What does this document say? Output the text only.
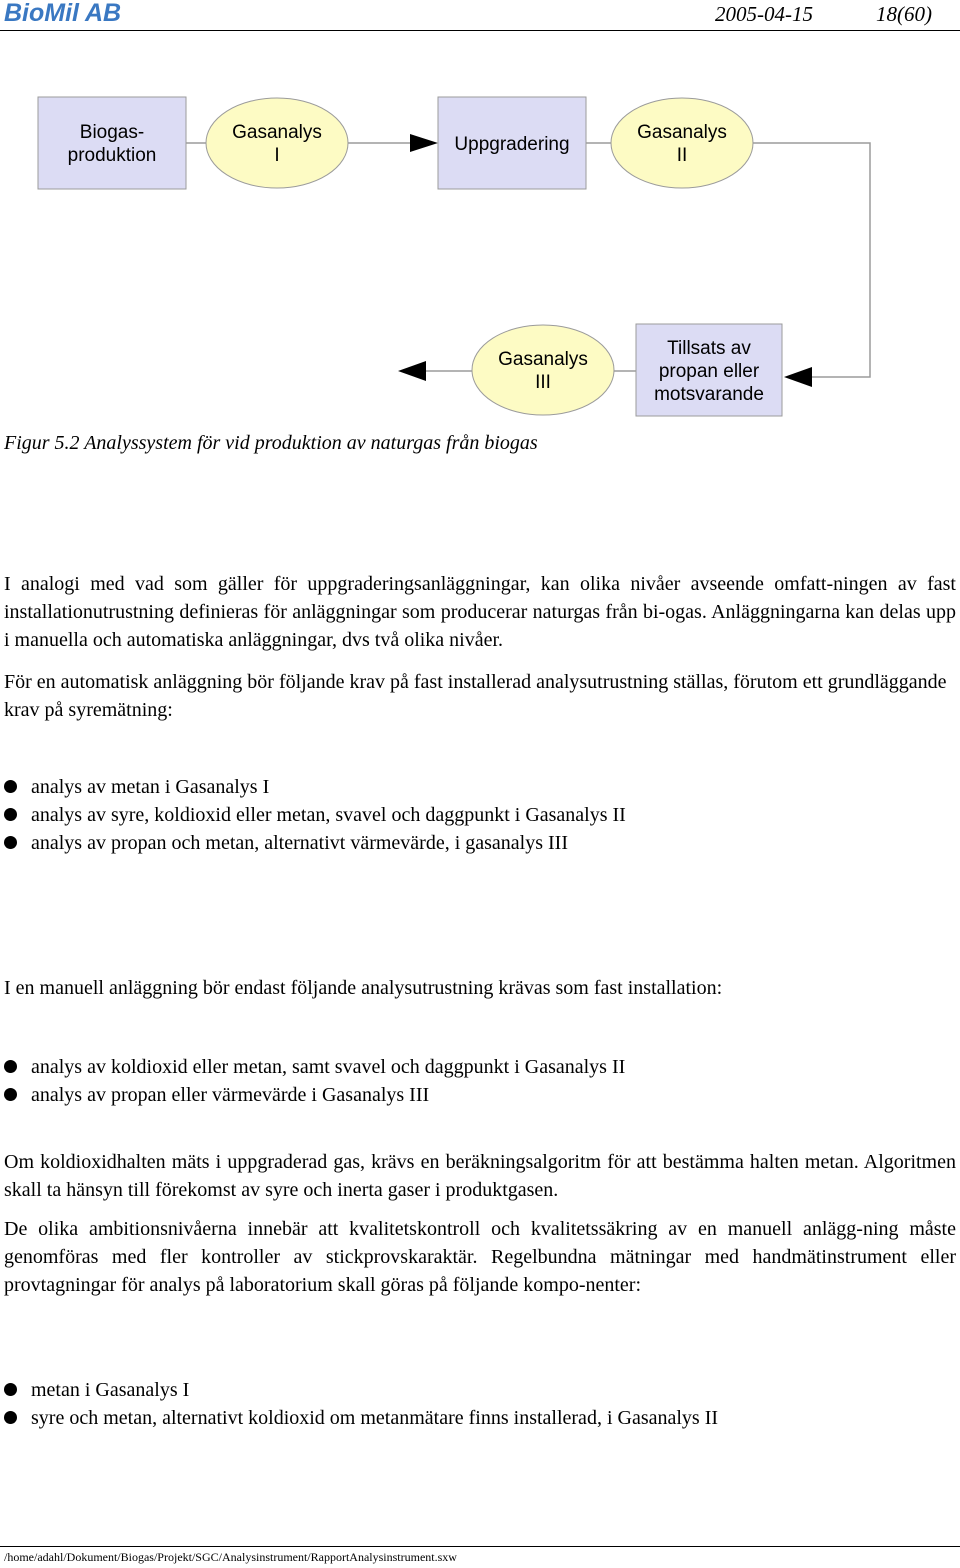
BioMil AB	2005-04-15	18(60)
Biogas-
produktion
Gasanalys
I
Uppgradering
Gasanalys
II
Tillsats av
propan eller
motsvarande
Gasanalys
III
Figur 5.2 Analyssystem för vid produktion av naturgas från biogas

I analogi med vad som gäller för uppgraderingsanläggningar, kan olika nivåer avseende omfatt-ningen av fast installationutrustning definieras för anläggningar som producerar naturgas från bi-ogas. Anläggningarna kan delas upp i manuella och automatiska anläggningar, dvs två olika nivåer.

För en automatisk anläggning bör följande krav på fast installerad analysutrustning ställas, förutom ett grundläggande krav på syremätning:

analys av metan i Gasanalys I
analys av syre, koldioxid eller metan, svavel och daggpunkt i Gasanalys II
analys av propan och metan, alternativt värmevärde, i gasanalys III

I en manuell anläggning bör endast följande analysutrustning krävas som fast installation:

analys av koldioxid eller metan, samt svavel och daggpunkt i Gasanalys II
analys av propan eller värmevärde i Gasanalys III

Om koldioxidhalten mäts i uppgraderad gas, krävs en beräkningsalgoritm för att bestämma halten metan. Algoritmen skall ta hänsyn till förekomst av syre och inerta gaser i produktgasen.

De olika ambitionsnivåerna innebär att kvalitetskontroll och kvalitetssäkring av en manuell anlägg-ning måste genomföras med fler kontroller av stickprovskaraktär. Regelbundna mätningar med handmätinstrument eller provtagningar för analys på laboratorium skall göras på följande kompo-nenter:

metan i Gasanalys I
syre och metan, alternativt koldioxid om metanmätare finns installerad, i Gasanalys II
/home/adahl/Dokument/Biogas/Projekt/SGC/Analysinstrument/RapportAnalysinstrument.sxw
